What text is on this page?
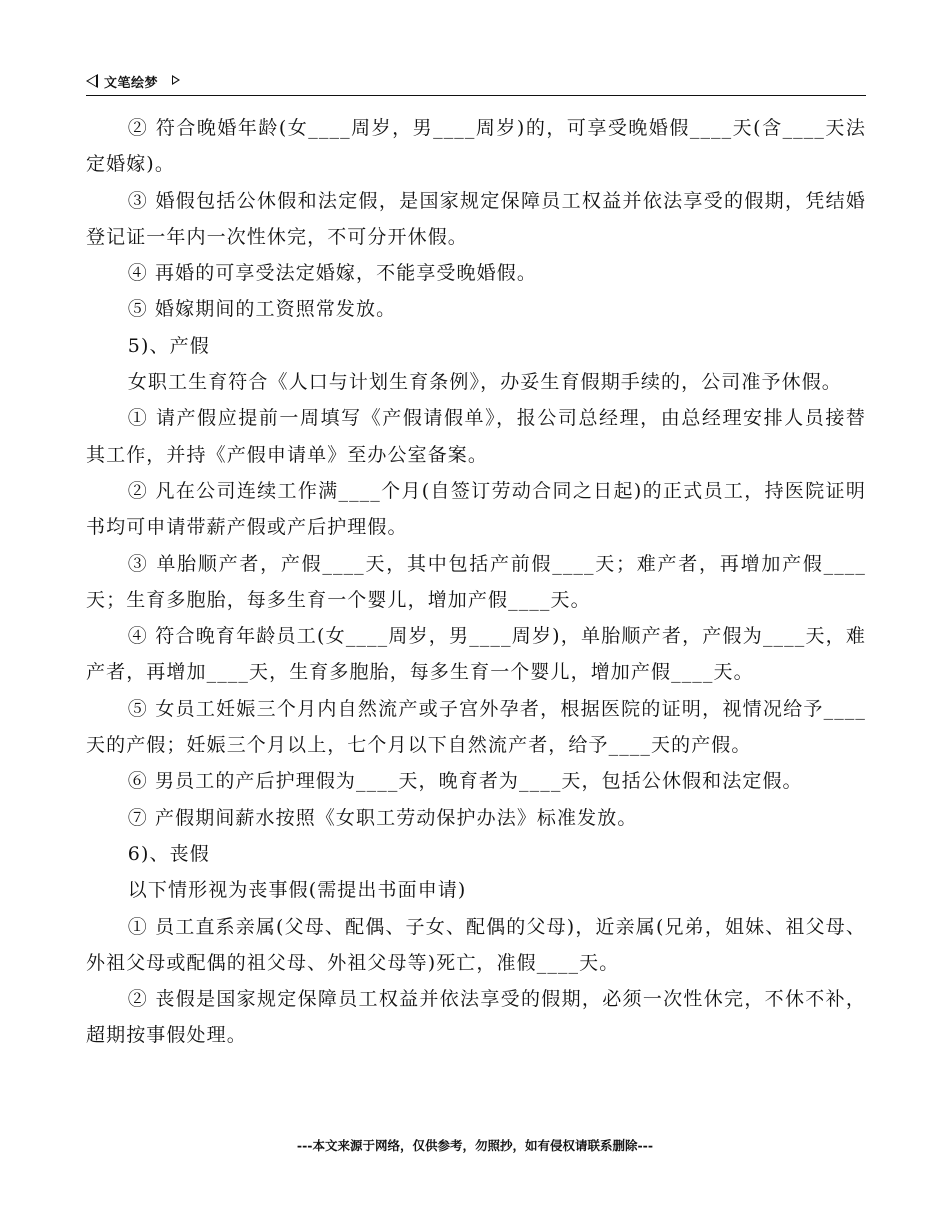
文笔绘梦

② 符合晚婚年龄(女____周岁，男____周岁)的，可享受晚婚假____天(含____天法定婚嫁)。

③ 婚假包括公休假和法定假，是国家规定保障员工权益并依法享受的假期，凭结婚登记证一年内一次性休完，不可分开休假。

④ 再婚的可享受法定婚嫁，不能享受晚婚假。

⑤ 婚嫁期间的工资照常发放。

5)、产假

女职工生育符合《人口与计划生育条例》，办妥生育假期手续的，公司准予休假。

① 请产假应提前一周填写《产假请假单》，报公司总经理，由总经理安排人员接替其工作，并持《产假申请单》至办公室备案。

② 凡在公司连续工作满____个月(自签订劳动合同之日起)的正式员工，持医院证明书均可申请带薪产假或产后护理假。

③ 单胎顺产者，产假____天，其中包括产前假____天；难产者，再增加产假____天；生育多胞胎，每多生育一个婴儿，增加产假____天。

④ 符合晚育年龄员工(女____周岁，男____周岁)，单胎顺产者，产假为____天，难产者，再增加____天，生育多胞胎，每多生育一个婴儿，增加产假____天。

⑤ 女员工妊娠三个月内自然流产或子宫外孕者，根据医院的证明，视情况给予____天的产假；妊娠三个月以上，七个月以下自然流产者，给予____天的产假。

⑥ 男员工的产后护理假为____天，晚育者为____天，包括公休假和法定假。

⑦ 产假期间薪水按照《女职工劳动保护办法》标准发放。

6)、丧假

以下情形视为丧事假(需提出书面申请)

① 员工直系亲属(父母、配偶、子女、配偶的父母)，近亲属(兄弟，姐妹、祖父母、外祖父母或配偶的祖父母、外祖父母等)死亡，准假____天。

② 丧假是国家规定保障员工权益并依法享受的假期，必须一次性休完，不休不补，超期按事假处理。

---本文来源于网络，仅供参考，勿照抄，如有侵权请联系删除---
